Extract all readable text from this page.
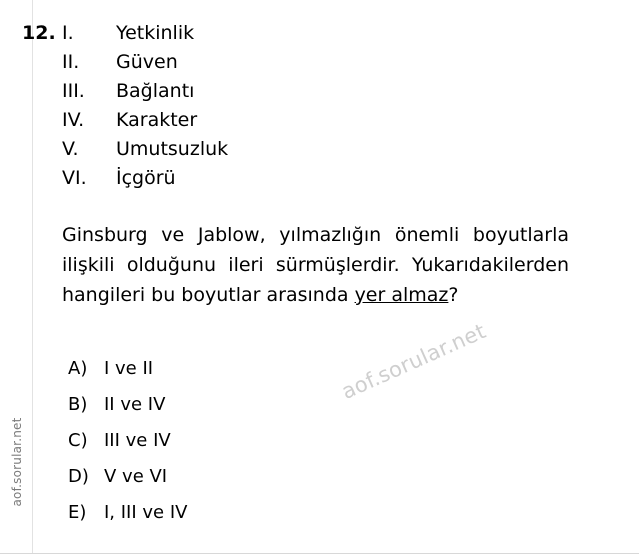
aof.sorular.net
12. I.	Yetkinlik
II.	Güven
III.	Bağlantı
IV.	Karakter
V.	Umutsuzluk
VI.	İçgörü
Ginsburg ve Jablow, yılmazlığın önemli boyutlarla ilişkili olduğunu ileri sürmüşlerdir. Yukarıdakilerden hangileri bu boyutlar arasında yer almaz?
A) I ve II
B) II ve IV
C) III ve IV
D) V ve VI
E) I, III ve IV
aof.sorular.net
